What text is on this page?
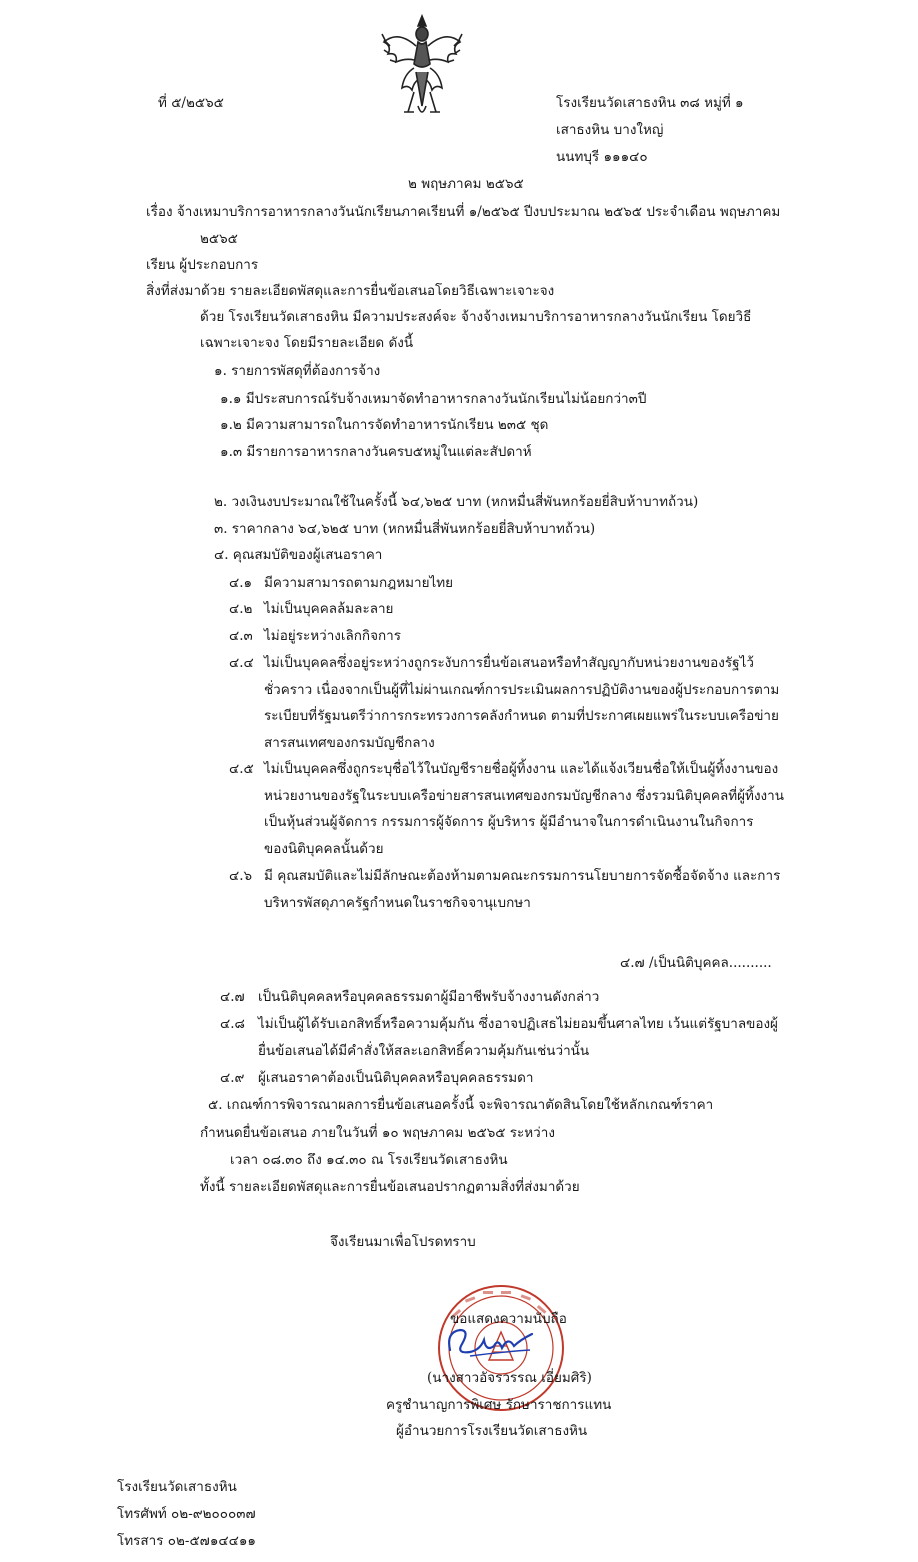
ที่ ๕/๒๕๖๕	โรงเรียนวัดเสาธงหิน ๓๘ หมู่ที่ ๑
เสาธงหิน บางใหญ่
นนทบุรี ๑๑๑๔๐
๒ พฤษภาคม ๒๕๖๕
เรื่อง จ้างเหมาบริการอาหารกลางวันนักเรียนภาคเรียนที่ ๑/๒๕๖๕ ปีงบประมาณ ๒๕๖๕ ประจำเดือน พฤษภาคม
๒๕๖๕
เรียน ผู้ประกอบการ
สิ่งที่ส่งมาด้วย รายละเอียดพัสดุและการยื่นข้อเสนอโดยวิธีเฉพาะเจาะจง
ด้วย โรงเรียนวัดเสาธงหิน มีความประสงค์จะ จ้างจ้างเหมาบริการอาหารกลางวันนักเรียน โดยวิธี
เฉพาะเจาะจง โดยมีรายละเอียด ดังนี้
๑. รายการพัสดุที่ต้องการจ้าง
๑.๑ มีประสบการณ์รับจ้างเหมาจัดทำอาหารกลางวันนักเรียนไม่น้อยกว่า๓ปี
๑.๒ มีความสามารถในการจัดทำอาหารนักเรียน ๒๓๕ ชุด
๑.๓ มีรายการอาหารกลางวันครบ๕หมู่ในแต่ละสัปดาห์
๒. วงเงินงบประมาณใช้ในครั้งนี้ ๖๔,๖๒๕ บาท (หกหมื่นสี่พันหกร้อยยี่สิบห้าบาทถ้วน)
๓. ราคากลาง ๖๔,๖๒๕ บาท (หกหมื่นสี่พันหกร้อยยี่สิบห้าบาทถ้วน)
๔. คุณสมบัติของผู้เสนอราคา
๔.๑ มีความสามารถตามกฎหมายไทย
๔.๒ ไม่เป็นบุคคลล้มละลาย
๔.๓ ไม่อยู่ระหว่างเลิกกิจการ
๔.๔ ไม่เป็นบุคคลซึ่งอยู่ระหว่างถูกระงับการยื่นข้อเสนอหรือทำสัญญากับหน่วยงานของรัฐไว้
ชั่วคราว เนื่องจากเป็นผู้ที่ไม่ผ่านเกณฑ์การประเมินผลการปฏิบัติงานของผู้ประกอบการตาม
ระเบียบที่รัฐมนตรีว่าการกระทรวงการคลังกำหนด ตามที่ประกาศเผยแพร่ในระบบเครือข่าย
สารสนเทศของกรมบัญชีกลาง
๔.๕ ไม่เป็นบุคคลซึ่งถูกระบุชื่อไว้ในบัญชีรายชื่อผู้ทิ้งงาน และได้แจ้งเวียนชื่อให้เป็นผู้ทิ้งงานของ
หน่วยงานของรัฐในระบบเครือข่ายสารสนเทศของกรมบัญชีกลาง ซึ่งรวมนิติบุคคลที่ผู้ทิ้งงาน
เป็นหุ้นส่วนผู้จัดการ กรรมการผู้จัดการ ผู้บริหาร ผู้มีอำนาจในการดำเนินงานในกิจการ
ของนิติบุคคลนั้นด้วย
๔.๖ มี คุณสมบัติและไม่มีลักษณะต้องห้ามตามคณะกรรมการนโยบายการจัดซื้อจัดจ้าง และการ
บริหารพัสดุภาครัฐกำหนดในราชกิจจานุเบกษา
๔.๗ /เป็นนิติบุคคล..........
๔.๗ เป็นนิติบุคคลหรือบุคคลธรรมดาผู้มีอาชีพรับจ้างงานดังกล่าว
๔.๘ ไม่เป็นผู้ได้รับเอกสิทธิ์หรือความคุ้มกัน ซึ่งอาจปฏิเสธไม่ยอมขึ้นศาลไทย เว้นแต่รัฐบาลของผู้
ยื่นข้อเสนอได้มีคำสั่งให้สละเอกสิทธิ์ความคุ้มกันเช่นว่านั้น
๔.๙ ผู้เสนอราคาต้องเป็นนิติบุคคลหรือบุคคลธรรมดา
๕. เกณฑ์การพิจารณาผลการยื่นข้อเสนอครั้งนี้ จะพิจารณาตัดสินโดยใช้หลักเกณฑ์ราคา
กำหนดยื่นข้อเสนอ ภายในวันที่ ๑๐ พฤษภาคม ๒๕๖๕ ระหว่าง
เวลา ๐๘.๓๐ ถึง ๑๔.๓๐ ณ โรงเรียนวัดเสาธงหิน
ทั้งนี้ รายละเอียดพัสดุและการยื่นข้อเสนอปรากฏตามสิ่งที่ส่งมาด้วย
จึงเรียนมาเพื่อโปรดทราบ
ขอแสดงความนับถือ
(นางสาวอัจรวรรณ เอี่ยมศิริ)
ครูชำนาญการพิเศษ รักษาราชการแทน
ผู้อำนวยการโรงเรียนวัดเสาธงหิน
โรงเรียนวัดเสาธงหิน
โทรศัพท์ ๐๒-๙๒๐๐๐๓๗
โทรสาร ๐๒-๕๗๑๔๔๑๑
